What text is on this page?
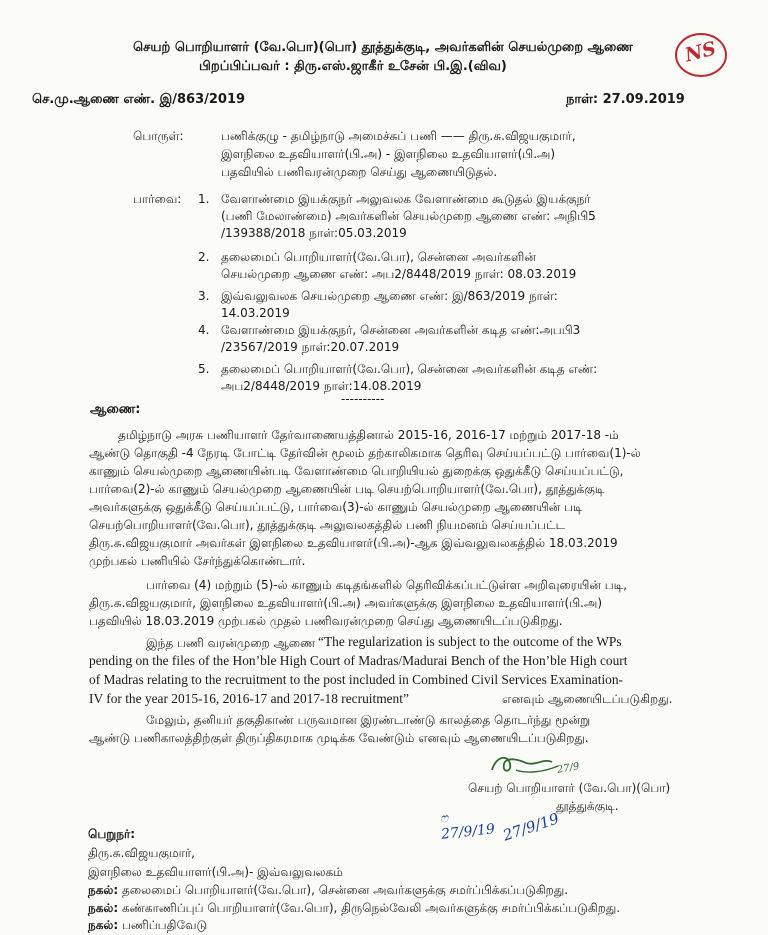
செயற் பொறியாளர் (வே.பொ)(பொ) தூத்துக்குடி, அவர்களின் செயல்முறை ஆணை
பிறப்பிப்பவர் : திரு.எஸ்.ஜாகீர் உசேன் பி.இ.(விவ)
NS
செ.மு.ஆணை எண். இ/863/2019	நாள்: 27.09.2019
பொருள்:	பணிக்குழு - தமிழ்நாடு அமைச்சுப் பணி —— திரு.சு.விஜயகுமார்,
இளநிலை உதவியாளர்(பி.அ) - இளநிலை உதவியாளர்(பி.அ)
பதவியில் பணிவரன்முறை செய்து ஆணையிடுதல்.
பார்வை: 1. வேளாண்மை இயக்குநர் அலுவலக வேளாண்மை கூடுதல் இயக்குநர்
(பணி மேலாண்மை) அவர்களின் செயல்முறை ஆணை எண்: அநிபி5
/139388/2018 நாள்:05.03.2019
2. தலைமைப் பொறியாளர்(வே.பொ), சென்னை அவர்களின்
செயல்முறை ஆணை எண்: அப2/8448/2019 நாள்: 08.03.2019
3. இவ்வலுவலக செயல்முறை ஆணை எண்: இ/863/2019 நாள்:
14.03.2019
4. வேளாண்மை இயக்குநர், சென்னை அவர்களின் கடித எண்:அபபி3
/23567/2019 நாள்:20.07.2019
5. தலைமைப் பொறியாளர்(வே.பொ), சென்னை அவர்களின் கடித எண்:
அப2/8448/2019 நாள்:14.08.2019
----------
ஆணை:
தமிழ்நாடு அரசு பணியாளர் தேர்வாணையத்தினால் 2015-16, 2016-17 மற்றும் 2017-18 -ம்
ஆண்டு தொகுதி -4 நேரடி போட்டி தேர்வின் மூலம் தற்காலிகமாக தெரிவு செய்யப்பட்டு பார்வை(1)-ல்
காணும் செயல்முறை ஆணையின்படி வேளாண்மை பொறியியல் துறைக்கு ஒதுக்கீடு செய்யப்பட்டு,
பார்வை(2)-ல் காணும் செயல்முறை ஆணையின் படி செயற்பொறியாளர்(வே.பொ), தூத்துக்குடி
அவர்களுக்கு ஒதுக்கீடு செய்யப்பட்டு, பார்வை(3)-ல் காணும் செயல்முறை ஆணையின் படி
செயற்பொறியாளர்(வே.பொ), தூத்துக்குடி அலுவலகத்தில் பணி நியமனம் செய்யப்பட்ட
திரு.சு.விஜயகுமார் அவர்கள் இளநிலை உதவியாளர்(பி.அ)-ஆக இவ்வலுவலகத்தில் 18.03.2019
முற்பகல் பணியில் சேர்ந்துக்கொண்டார்.
பார்வை (4) மற்றும் (5)-ல் காணும் கடிதங்களில் தெரிவிக்கப்பட்டுள்ள அறிவுரையின் படி,
திரு.சு.விஜயகுமார், இளநிலை உதவியாளர்(பி.அ) அவர்களுக்கு இளநிலை உதவியாளர்(பி.அ)
பதவியில் 18.03.2019 முற்பகல் முதல் பணிவரன்முறை செய்து ஆணையிடப்படுகிறது.
இந்த பணி வரன்முறை ஆணை “The regularization is subject to the outcome of the WPs
pending on the files of the Hon’ble High Court of Madras/Madurai Bench of the Hon’ble High court
of Madras relating to the recruitment to the post included in Combined Civil Services Examination-
IV for the year 2015-16, 2016-17 and 2017-18 recruitment”	எனவும் ஆணையிடப்படுகிறது.
மேலும், தனியர் தகுதிகாண் பருவமான இரண்டாண்டு காலத்தை தொடர்ந்து மூன்று
ஆண்டு பணிகாலத்திற்குள் திருப்திகரமாக முடிக்க வேண்டும் எனவும் ஆணையிடப்படுகிறது.
27/9
செயற் பொறியாளர் (வே.பொ)(பொ)
தூத்துக்குடி.
ෆ
27/9/19 27/9/19
பெறுநர்:
திரு.சு.விஜயகுமார்,
இளநிலை உதவியாளர்(பி.அ)- இவ்வலுவலகம்
நகல்: தலைமைப் பொறியாளர்(வே.பொ), சென்னை அவர்களுக்கு சமர்ப்பிக்கப்படுகிறது.
நகல்: கண்காணிப்புப் பொறியாளர்(வே.பொ), திருநெல்வேலி அவர்களுக்கு சமர்ப்பிக்கப்படுகிறது.
நகல்: பணிப்பதிவேடு
